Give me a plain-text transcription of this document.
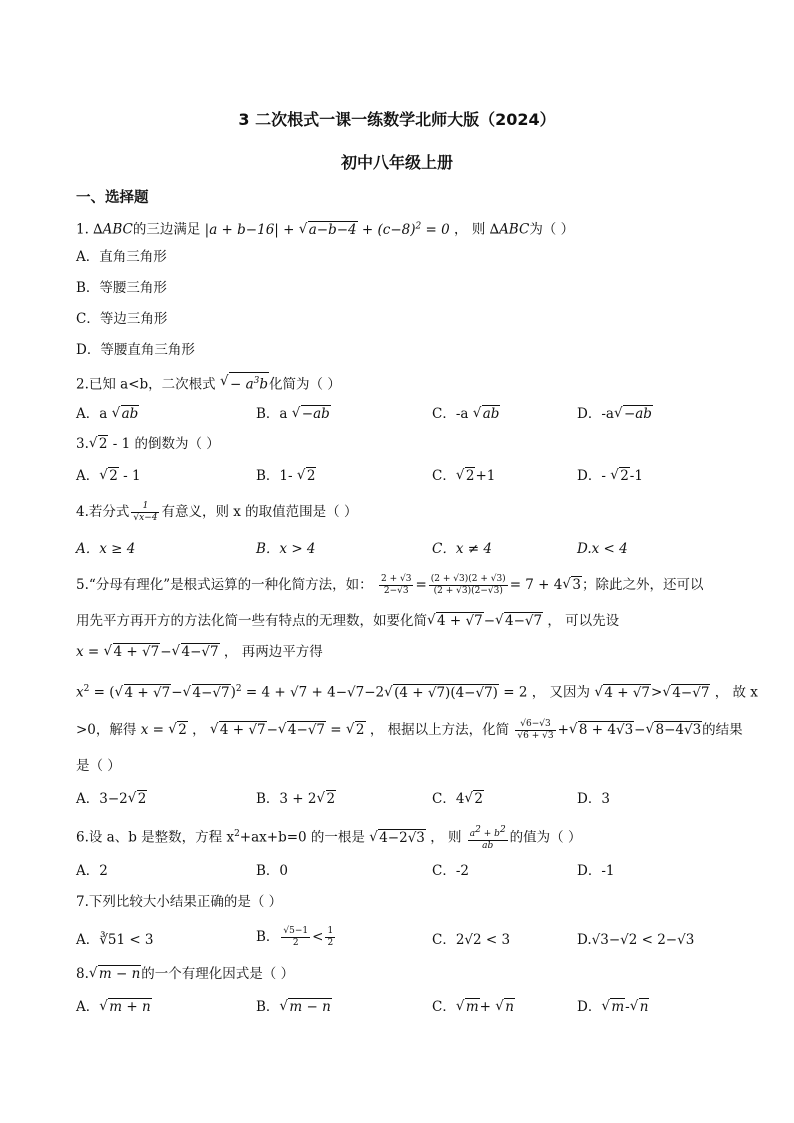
3 二次根式一课一练数学北师大版（2024）
初中八年级上册
一、选择题
1. ∆ABC的三边满足 |a + b−16| + √ $a-b-4 + (c-8)^2 = 0$ ， 则 ∆ABC为（ ）
A．直角三角形
B．等腰三角形
C．等边三角形
D．等腰直角三角形
2.已知 a<b，二次根式 √ − $a^3b$化简为（ ）
A．a √ ab	B．a √ −ab	C．-a √ ab	D．-a√ −ab
3.√ 2 - 1 的倒数为（ ）
A．√ 2 - 1	B．1- √ 2	C．√ 2+1	D．- √ 2-1
4.若分式 $\frac{1}{√x-4}$ 有意义，则 x 的取值范围是（ ）
A．x ≥ 4	B．x > 4	C．x ≠ 4	D.x < 4
5.“分母有理化”是根式运算的一种化简方法，如： $\frac{2 + √3}{2-√3} = \frac{(2 + √3)(2 + √3)}{(2 + √3)(2-√3)} = 7 + 4√$ 3；除此之外，还可以
用先平方再开方的方法化简一些有特点的无理数，如要化简√ 4 + √7−√ 4−√7 ， 可以先设
x = √ 4 + √7−√ 4−√7 ， 再两边平方得
$x^2$ = (√ 4 + √7−√ 4−√7)$^2$ = 4 + √7 + 4−√7−2√ (4 + √7)(4−√7) = 2 ， 又因为 √ 4 + √7>√ 4−√7 ， 故 x
>0，解得 x = √ 2 ， √ 4 + √7−√ 4−√7 = √ 2 ， 根据以上方法，化简 $\frac{√6-√3}{√6 + √3}$ +√ 8 + 4√3−√ 8−4√3的结果
是（ ）
A．3−2√ 2	B．3 + 2√ 2	C．4√ 2	D．3
6.设 a、b 是整数，方程 $x^2+ax+b=0$ 的一根是 √ 4−2√3 ， 则 $\frac{a^2 + b^2}{ab}$ 的值为（ ）
A．2	B．0	C．-2	D．-1
7.下列比较大小结果正确的是（ ）
A．∛51 < 3	B． $\frac{√5-1}{2} < \frac{1}{2}$	C．2√2 < 3	D.√3−√2 < 2−√3
8.√ m − n的一个有理化因式是（ ）
A．√ m + n	B．√ m − n	C．√ m+ √ n	D．√ m-√ n
